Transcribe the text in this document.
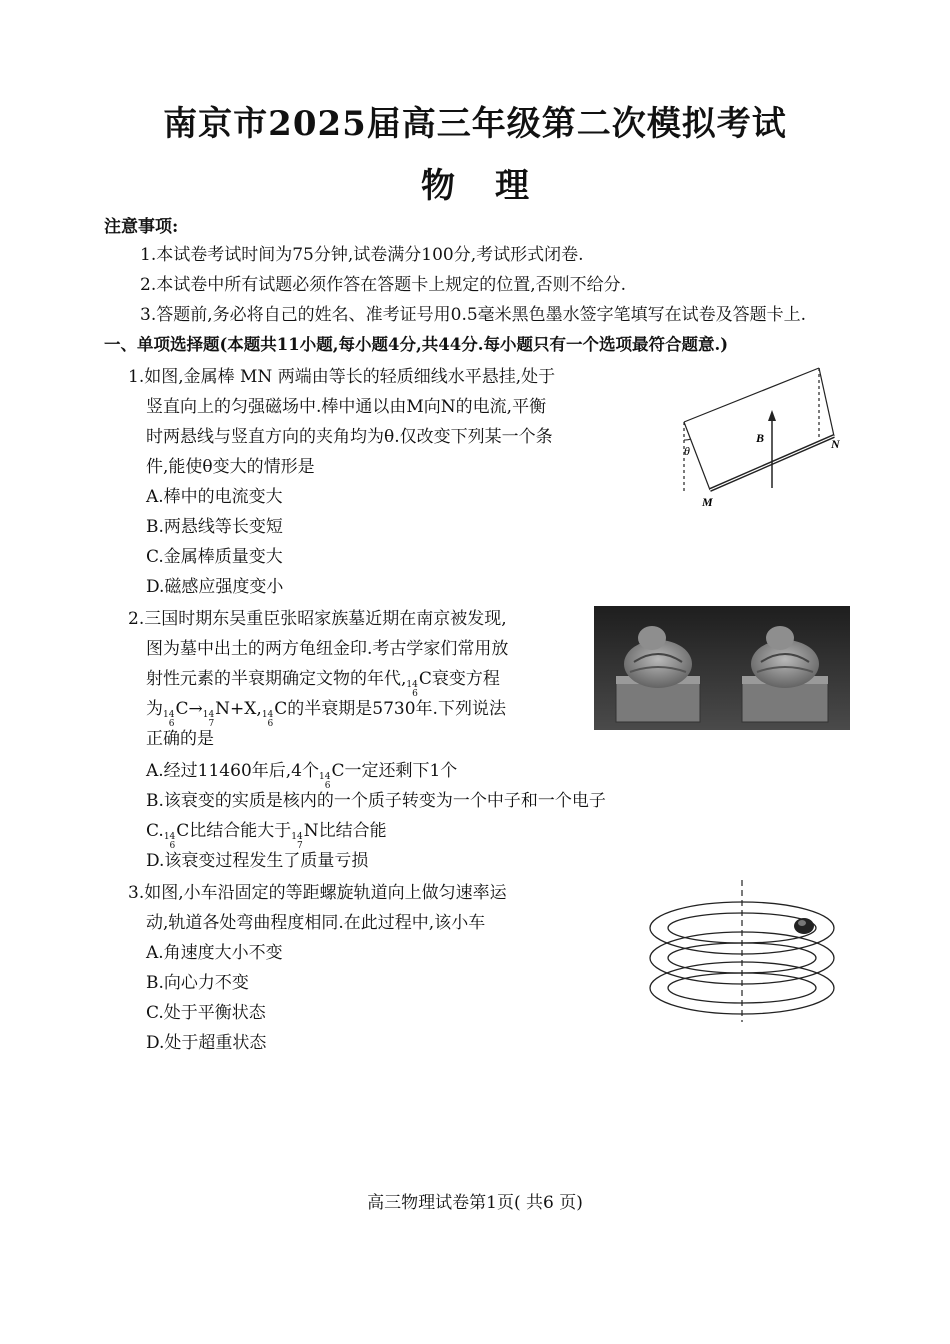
南京市2025届高三年级第二次模拟考试
物理
注意事项:
1.本试卷考试时间为75分钟,试卷满分100分,考试形式闭卷.
2.本试卷中所有试题必须作答在答题卡上规定的位置,否则不给分.
3.答题前,务必将自己的姓名、准考证号用0.5毫米黑色墨水签字笔填写在试卷及答题卡上.
一、单项选择题(本题共11小题,每小题4分,共44分.每小题只有一个选项最符合题意.)
1.如图,金属棒 MN 两端由等长的轻质细线水平悬挂,处于
竖直向上的匀强磁场中.棒中通以由M向N的电流,平衡
时两悬线与竖直方向的夹角均为θ.仅改变下列某一个条
件,能使θ变大的情形是
A.棒中的电流变大
B.两悬线等长变短
C.金属棒质量变大
D.磁感应强度变小
B	N
M
θ
2.三国时期东吴重臣张昭家族墓近期在南京被发现,
图为墓中出土的两方龟纽金印.考古学家们常用放
射性元素的半衰期确定文物的年代, 14
6
C衰变方程
为 14
6
C→ 14
7
N+X, 14
6
C的半衰期是5730年.下列说法
正确的是
A.经过11460年后,4个 14
6
C一定还剩下1个
B.该衰变的实质是核内的一个质子转变为一个中子和一个电子
C. 14
6
C比结合能大于 14
7
N比结合能
D.该衰变过程发生了质量亏损
3.如图,小车沿固定的等距螺旋轨道向上做匀速率运
动,轨道各处弯曲程度相同.在此过程中,该小车
A.角速度大小不变
B.向心力不变
C.处于平衡状态
D.处于超重状态
高三物理试卷第1页( 共6 页)
